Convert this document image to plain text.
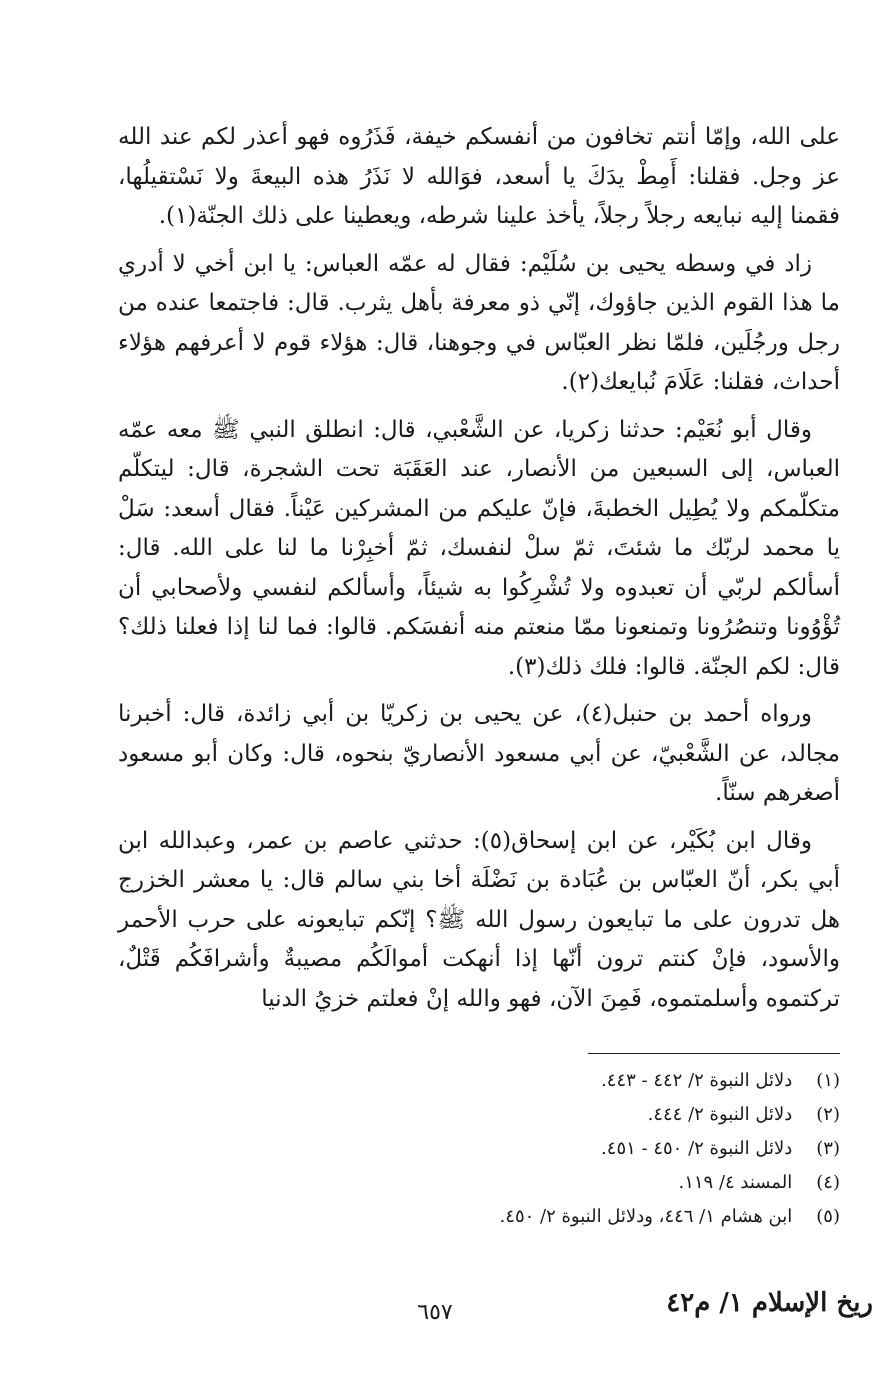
على الله، وإمّا أنتم تخافون من أنفسكم خيفة، فَذَرُوه فهو أعذر لكم عند الله عز وجل. فقلنا: أَمِطْ يدَكَ يا أسعد، فوَالله لا نَذَرُ هذه البيعةَ ولا نَسْتقيلُها، فقمنا إليه نبايعه رجلاً رجلاً، يأخذ علينا شرطه، ويعطينا على ذلك الجنّة(١).

زاد في وسطه يحيى بن سُلَيْم: فقال له عمّه العباس: يا ابن أخي لا أدري ما هذا القوم الذين جاؤوك، إنّي ذو معرفة بأهل يثرب. قال: فاجتمعا عنده من رجل ورجُلَين، فلمّا نظر العبّاس في وجوهنا، قال: هؤلاء قوم لا أعرفهم هؤلاء أحداث، فقلنا: عَلَامَ نُبايعك(٢).

وقال أبو نُعَيْم: حدثنا زكريا، عن الشَّعْبي، قال: انطلق النبي ﷺ معه عمّه العباس، إلى السبعين من الأنصار، عند العَقَبَة تحت الشجرة، قال: ليتكلّم متكلّمكم ولا يُطِيل الخطبةَ، فإنّ عليكم من المشركين عَيْناً. فقال أسعد: سَلْ يا محمد لربّك ما شئتَ، ثمّ سلْ لنفسك، ثمّ أخبِرْنا ما لنا على الله. قال: أسألكم لربّي أن تعبدوه ولا تُشْرِكُوا به شيئاً، وأسألكم لنفسي ولأصحابي أن تُؤْوُونا وتنصُرُونا وتمنعونا ممّا منعتم منه أنفسَكم. قالوا: فما لنا إذا فعلنا ذلك؟ قال: لكم الجنّة. قالوا: فلك ذلك(٣).

ورواه أحمد بن حنبل(٤)، عن يحيى بن زكريّا بن أبي زائدة، قال: أخبرنا مجالد، عن الشَّعْبيّ، عن أبي مسعود الأنصاريّ بنحوه، قال: وكان أبو مسعود أصغرهم سنّاً.

وقال ابن بُكَيْر، عن ابن إسحاق(٥): حدثني عاصم بن عمر، وعبدالله ابن أبي بكر، أنّ العبّاس بن عُبَادة بن نَضْلَة أخا بني سالم قال: يا معشر الخزرج هل تدرون على ما تبايعون رسول الله ﷺ؟ إنّكم تبايعونه على حرب الأحمر والأسود، فإنْ كنتم ترون أنّها إذا أنهكت أموالَكُم مصيبةٌ وأشرافَكُم قَتْلٌ، تركتموه وأسلمتموه، فَمِنَ الآن، فهو والله إنْ فعلتم خزيُ الدنيا

(١) دلائل النبوة ٢/ ٤٤٢ - ٤٤٣.
(٢) دلائل النبوة ٢/ ٤٤٤.
(٣) دلائل النبوة ٢/ ٤٥٠ - ٤٥١.
(٤) المسند ٤/ ١١٩.
(٥) ابن هشام ١/ ٤٤٦، ودلائل النبوة ٢/ ٤٥٠.
٦٥٧	ريخ الإسلام ١/ م٤٢
